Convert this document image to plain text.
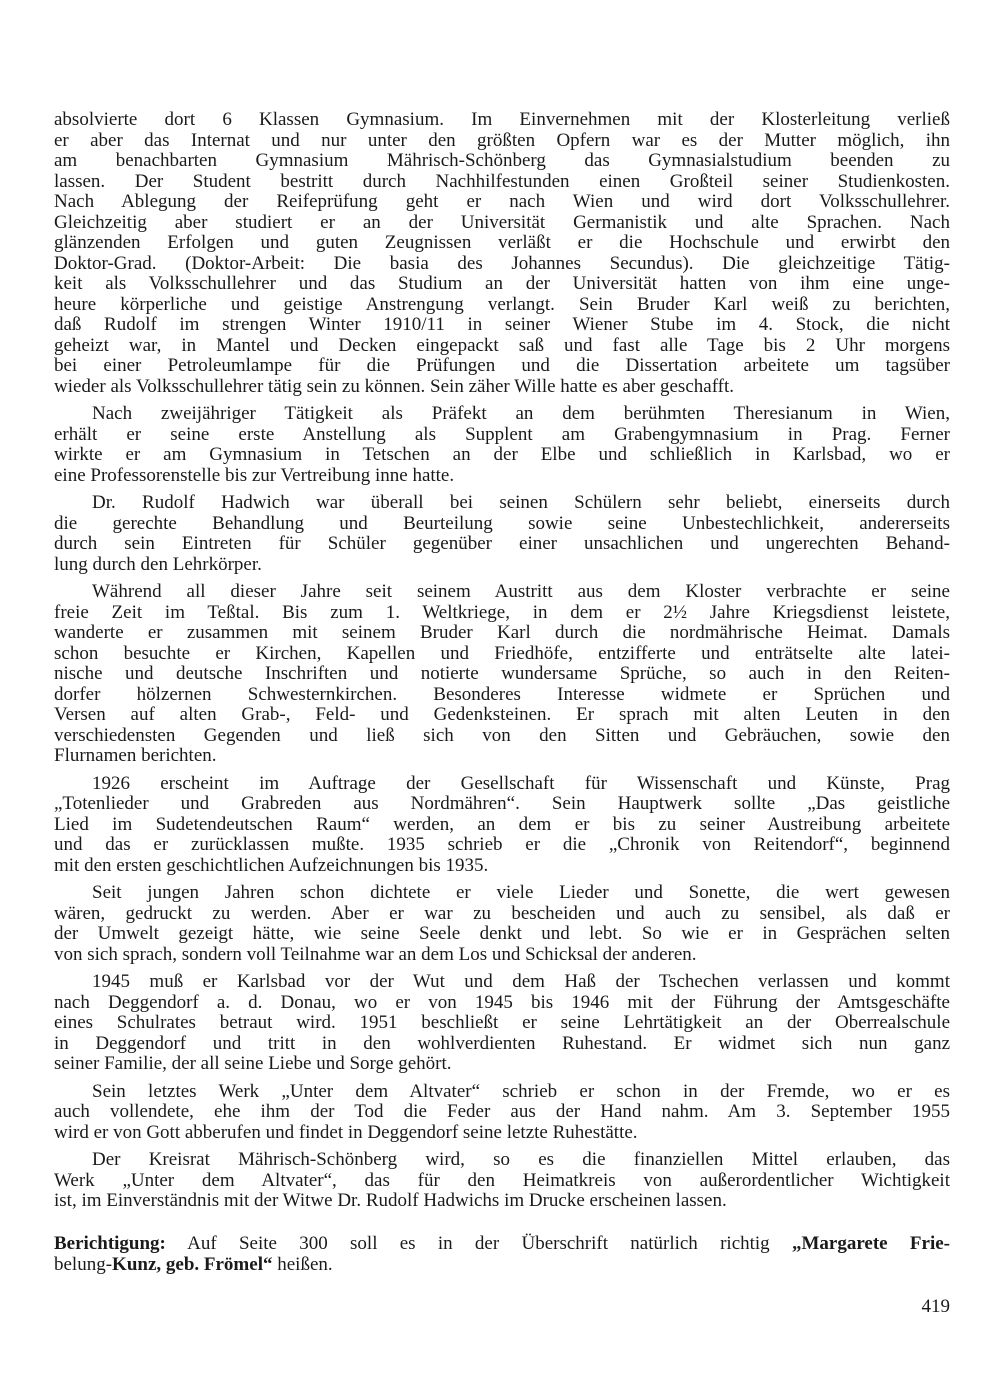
absolvierte dort 6 Klassen Gymnasium. Im Einvernehmen mit der Klosterleitung verließ
er aber das Internat und nur unter den größten Opfern war es der Mutter möglich, ihn
am benachbarten Gymnasium Mährisch-Schönberg das Gymnasialstudium beenden zu
lassen. Der Student bestritt durch Nachhilfestunden einen Großteil seiner Studienkosten.
Nach Ablegung der Reifeprüfung geht er nach Wien und wird dort Volksschullehrer.
Gleichzeitig aber studiert er an der Universität Germanistik und alte Sprachen. Nach
glänzenden Erfolgen und guten Zeugnissen verläßt er die Hochschule und erwirbt den
Doktor-Grad. (Doktor-Arbeit: Die basia des Johannes Secundus). Die gleichzeitige Tätig-
keit als Volksschullehrer und das Studium an der Universität hatten von ihm eine unge-
heure körperliche und geistige Anstrengung verlangt. Sein Bruder Karl weiß zu berichten,
daß Rudolf im strengen Winter 1910/11 in seiner Wiener Stube im 4. Stock, die nicht
geheizt war, in Mantel und Decken eingepackt saß und fast alle Tage bis 2 Uhr morgens
bei einer Petroleumlampe für die Prüfungen und die Dissertation arbeitete um tagsüber
wieder als Volksschullehrer tätig sein zu können. Sein zäher Wille hatte es aber geschafft.
Nach zweijähriger Tätigkeit als Präfekt an dem berühmten Theresianum in Wien,
erhält er seine erste Anstellung als Supplent am Grabengymnasium in Prag. Ferner
wirkte er am Gymnasium in Tetschen an der Elbe und schließlich in Karlsbad, wo er
eine Professorenstelle bis zur Vertreibung inne hatte.
Dr. Rudolf Hadwich war überall bei seinen Schülern sehr beliebt, einerseits durch
die gerechte Behandlung und Beurteilung sowie seine Unbestechlichkeit, andererseits
durch sein Eintreten für Schüler gegenüber einer unsachlichen und ungerechten Behand-
lung durch den Lehrkörper.
Während all dieser Jahre seit seinem Austritt aus dem Kloster verbrachte er seine
freie Zeit im Teßtal. Bis zum 1. Weltkriege, in dem er 2½ Jahre Kriegsdienst leistete,
wanderte er zusammen mit seinem Bruder Karl durch die nordmährische Heimat. Damals
schon besuchte er Kirchen, Kapellen und Friedhöfe, entzifferte und enträtselte alte latei-
nische und deutsche Inschriften und notierte wundersame Sprüche, so auch in den Reiten-
dorfer hölzernen Schwesternkirchen. Besonderes Interesse widmete er Sprüchen und
Versen auf alten Grab-, Feld- und Gedenksteinen. Er sprach mit alten Leuten in den
verschiedensten Gegenden und ließ sich von den Sitten und Gebräuchen, sowie den
Flurnamen berichten.
1926 erscheint im Auftrage der Gesellschaft für Wissenschaft und Künste, Prag
„Totenlieder und Grabreden aus Nordmähren“. Sein Hauptwerk sollte „Das geistliche
Lied im Sudetendeutschen Raum“ werden, an dem er bis zu seiner Austreibung arbeitete
und das er zurücklassen mußte. 1935 schrieb er die „Chronik von Reitendorf“, beginnend
mit den ersten geschichtlichen Aufzeichnungen bis 1935.
Seit jungen Jahren schon dichtete er viele Lieder und Sonette, die wert gewesen
wären, gedruckt zu werden. Aber er war zu bescheiden und auch zu sensibel, als daß er
der Umwelt gezeigt hätte, wie seine Seele denkt und lebt. So wie er in Gesprächen selten
von sich sprach, sondern voll Teilnahme war an dem Los und Schicksal der anderen.
1945 muß er Karlsbad vor der Wut und dem Haß der Tschechen verlassen und kommt
nach Deggendorf a. d. Donau, wo er von 1945 bis 1946 mit der Führung der Amtsgeschäfte
eines Schulrates betraut wird. 1951 beschließt er seine Lehrtätigkeit an der Oberrealschule
in Deggendorf und tritt in den wohlverdienten Ruhestand. Er widmet sich nun ganz
seiner Familie, der all seine Liebe und Sorge gehört.
Sein letztes Werk „Unter dem Altvater“ schrieb er schon in der Fremde, wo er es
auch vollendete, ehe ihm der Tod die Feder aus der Hand nahm. Am 3. September 1955
wird er von Gott abberufen und findet in Deggendorf seine letzte Ruhestätte.
Der Kreisrat Mährisch-Schönberg wird, so es die finanziellen Mittel erlauben, das
Werk „Unter dem Altvater“, das für den Heimatkreis von außerordentlicher Wichtigkeit
ist, im Einverständnis mit der Witwe Dr. Rudolf Hadwichs im Drucke erscheinen lassen.
Berichtigung: Auf Seite 300 soll es in der Überschrift natürlich richtig „Margarete Frie-
belung-Kunz, geb. Frömel“ heißen.
419
